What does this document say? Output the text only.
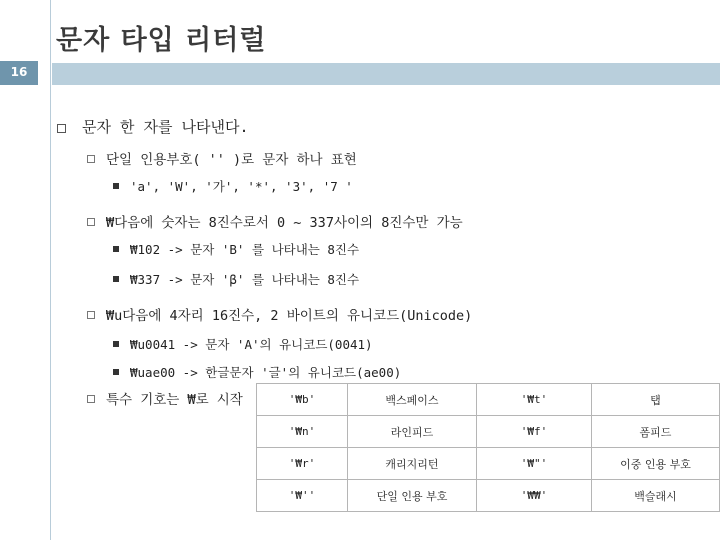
문자 타입 리터럴
16
문자 한 자를 나타낸다.
단일 인용부호( '' )로 문자 하나 표현
'a', 'W', '가', '*', '3', '7 '
₩다음에 숫자는 8진수로서 0 ~ 337사이의 8진수만 가능
₩102 -> 문자 'B' 를 나타내는 8진수
₩337 -> 문자 'β' 를 나타내는 8진수
₩u다음에 4자리 16진수, 2 바이트의 유니코드(Unicode)
₩u0041 -> 문자 'A'의 유니코드(0041)
₩uae00 -> 한글문자 '글'의 유니코드(ae00)
특수 기호는 ₩로 시작	'₩b'	백스페이스	'₩t'	탭
'₩n'	라인피드	'₩f'	폼피드
'₩r'	캐리지리턴	'₩"'	이중 인용 부호
'₩''	단일 인용 부호	'₩₩'	백슬래시
